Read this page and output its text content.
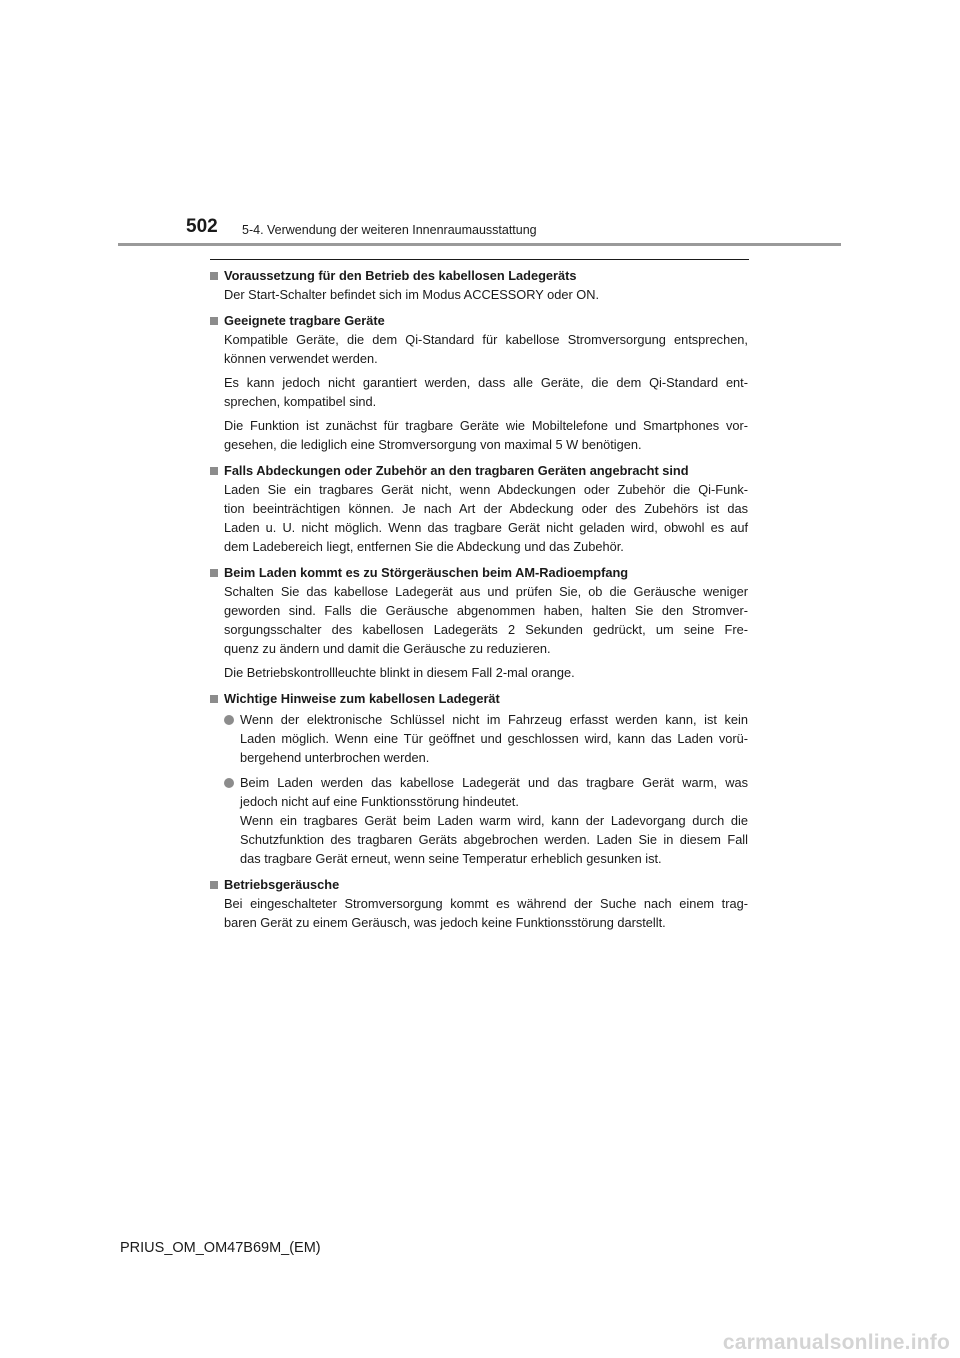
502 5-4. Verwendung der weiteren Innenraumausstattung
Voraussetzung für den Betrieb des kabellosen Ladegeräts

Der Start-Schalter befindet sich im Modus ACCESSORY oder ON.

Geeignete tragbare Geräte

Kompatible Geräte, die dem Qi-Standard für kabellose Stromversorgung entsprechen,
können verwendet werden.

Es kann jedoch nicht garantiert werden, dass alle Geräte, die dem Qi-Standard ent-
sprechen, kompatibel sind.

Die Funktion ist zunächst für tragbare Geräte wie Mobiltelefone und Smartphones vor-
gesehen, die lediglich eine Stromversorgung von maximal 5 W benötigen.

Falls Abdeckungen oder Zubehör an den tragbaren Geräten angebracht sind

Laden Sie ein tragbares Gerät nicht, wenn Abdeckungen oder Zubehör die Qi-Funk-
tion beeinträchtigen können. Je nach Art der Abdeckung oder des Zubehörs ist das
Laden u. U. nicht möglich. Wenn das tragbare Gerät nicht geladen wird, obwohl es auf
dem Ladebereich liegt, entfernen Sie die Abdeckung und das Zubehör.

Beim Laden kommt es zu Störgeräuschen beim AM-Radioempfang

Schalten Sie das kabellose Ladegerät aus und prüfen Sie, ob die Geräusche weniger
geworden sind. Falls die Geräusche abgenommen haben, halten Sie den Stromver-
sorgungsschalter des kabellosen Ladegeräts 2 Sekunden gedrückt, um seine Fre-
quenz zu ändern und damit die Geräusche zu reduzieren.

Die Betriebskontrollleuchte blinkt in diesem Fall 2-mal orange.

Wichtige Hinweise zum kabellosen Ladegerät

Wenn der elektronische Schlüssel nicht im Fahrzeug erfasst werden kann, ist kein
Laden möglich. Wenn eine Tür geöffnet und geschlossen wird, kann das Laden vorü-
bergehend unterbrochen werden.

Beim Laden werden das kabellose Ladegerät und das tragbare Gerät warm, was
jedoch nicht auf eine Funktionsstörung hindeutet.

Wenn ein tragbares Gerät beim Laden warm wird, kann der Ladevorgang durch die
Schutzfunktion des tragbaren Geräts abgebrochen werden. Laden Sie in diesem Fall
das tragbare Gerät erneut, wenn seine Temperatur erheblich gesunken ist.

Betriebsgeräusche

Bei eingeschalteter Stromversorgung kommt es während der Suche nach einem trag-
baren Gerät zu einem Geräusch, was jedoch keine Funktionsstörung darstellt.

PRIUS_OM_OM47B69M_(EM)
carmanualsonline.info
